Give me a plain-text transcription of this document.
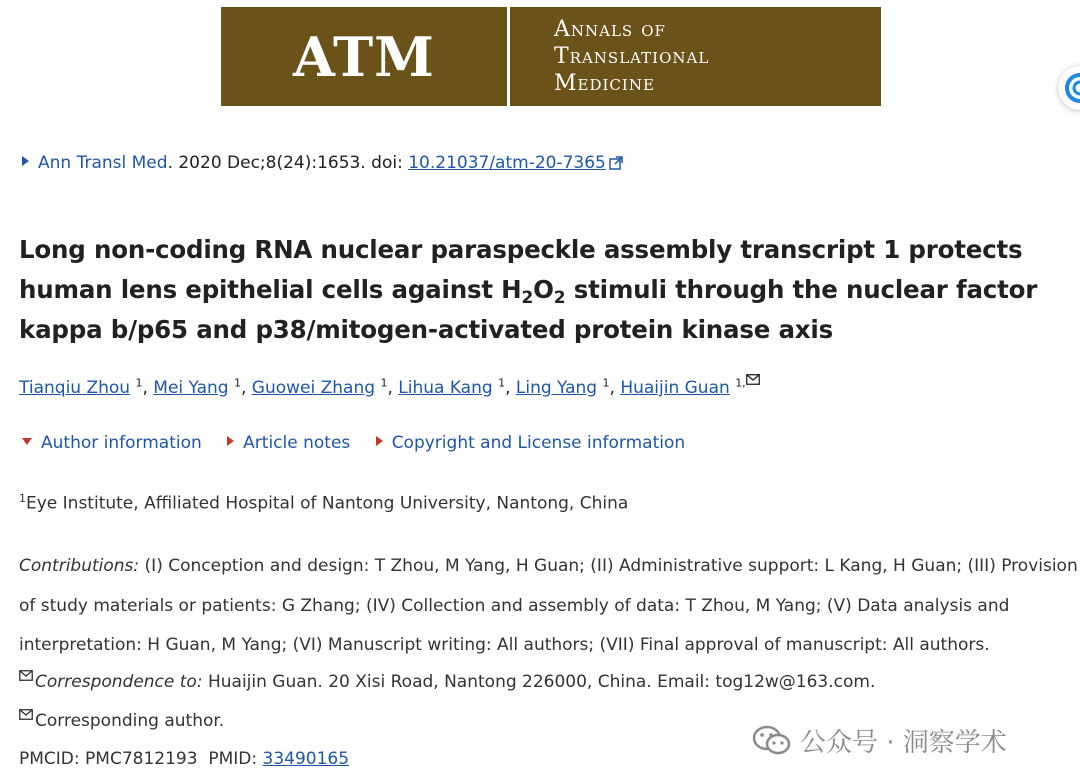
ATM	Annals of
Translational
Medicine
Ann Transl Med. 2020 Dec;8(24):1653. doi: 10.21037/atm-20-7365
Long non-coding RNA nuclear paraspeckle assembly transcript 1 protects human lens epithelial cells against $H_2O_2$ stimuli through the nuclear factor kappa b/p65 and p38/mitogen-activated protein kinase axis
Tianqiu Zhou $^1$, Mei Yang $^1$, Guowei Zhang $^1$, Lihua Kang $^1$, Ling Yang $^1$, Huaijin Guan $^{1,}$
Author information Article notes Copyright and License information
$^1$Eye Institute, Affiliated Hospital of Nantong University, Nantong, China

Contributions: (I) Conception and design: T Zhou, M Yang, H Guan; (II) Administrative support: L Kang, H Guan; (III) Provision of study materials or patients: G Zhang; (IV) Collection and assembly of data: T Zhou, M Yang; (V) Data analysis and interpretation: H Guan, M Yang; (VI) Manuscript writing: All authors; (VII) Final approval of manuscript: All authors.

Correspondence to: Huaijin Guan. 20 Xisi Road, Nantong 226000, China. Email: tog12w@163.com.
Corresponding author.
PMCID: PMC7812193 PMID: 33490165
公众号 · 洞察学术
